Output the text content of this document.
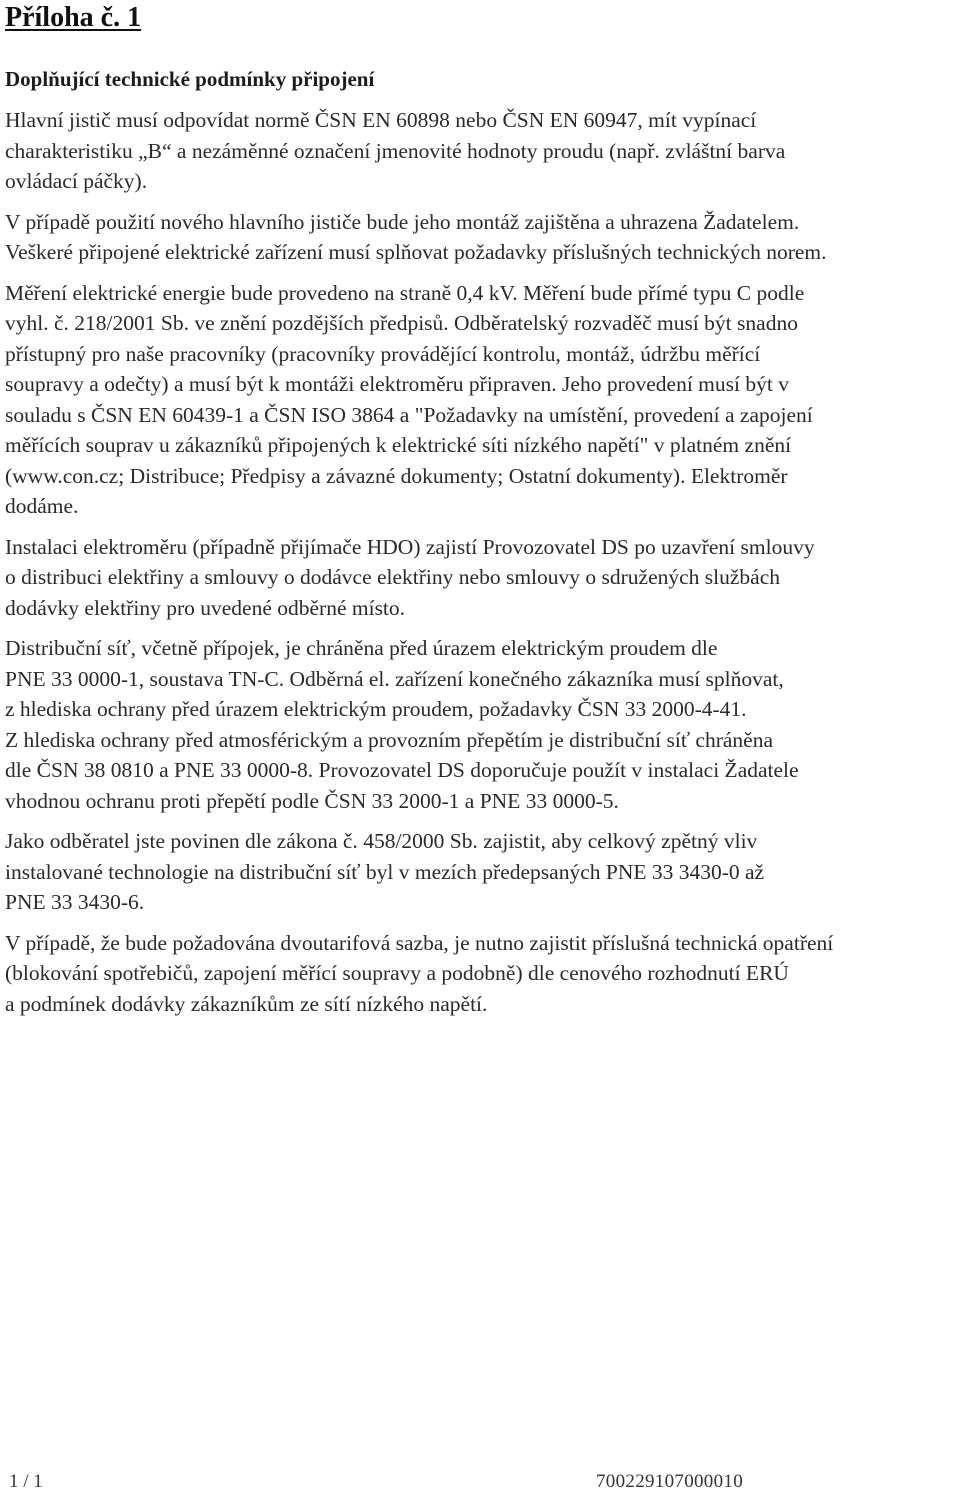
Příloha č. 1
Doplňující technické podmínky připojení

Hlavní jistič musí odpovídat normě ČSN EN 60898 nebo ČSN EN 60947, mít vypínací
charakteristiku „B“ a nezáměnné označení jmenovité hodnoty proudu (např. zvláštní barva
ovládací páčky).

V případě použití nového hlavního jističe bude jeho montáž zajištěna a uhrazena Žadatelem.
Veškeré připojené elektrické zařízení musí splňovat požadavky příslušných technických norem.

Měření elektrické energie bude provedeno na straně 0,4 kV. Měření bude přímé typu C podle
vyhl. č. 218/2001 Sb. ve znění pozdějších předpisů. Odběratelský rozvaděč musí být snadno
přístupný pro naše pracovníky (pracovníky provádějící kontrolu, montáž, údržbu měřící
soupravy a odečty) a musí být k montáži elektroměru připraven. Jeho provedení musí být v
souladu s ČSN EN 60439-1 a ČSN ISO 3864 a "Požadavky na umístění, provedení a zapojení
měřících souprav u zákazníků připojených k elektrické síti nízkého napětí" v platném znění
(www.con.cz; Distribuce; Předpisy a závazné dokumenty; Ostatní dokumenty). Elektroměr
dodáme.

Instalaci elektroměru (případně přijímače HDO) zajistí Provozovatel DS po uzavření smlouvy
o distribuci elektřiny a smlouvy o dodávce elektřiny nebo smlouvy o sdružených službách
dodávky elektřiny pro uvedené odběrné místo.

Distribuční síť, včetně přípojek, je chráněna před úrazem elektrickým proudem dle
PNE 33 0000-1, soustava TN-C. Odběrná el. zařízení konečného zákazníka musí splňovat,
z hlediska ochrany před úrazem elektrickým proudem, požadavky ČSN 33 2000-4-41.
Z hlediska ochrany před atmosférickým a provozním přepětím je distribuční síť chráněna
dle ČSN 38 0810 a PNE 33 0000-8. Provozovatel DS doporučuje použít v instalaci Žadatele
vhodnou ochranu proti přepětí podle ČSN 33 2000-1 a PNE 33 0000-5.

Jako odběratel jste povinen dle zákona č. 458/2000 Sb. zajistit, aby celkový zpětný vliv
instalované technologie na distribuční síť byl v mezích předepsaných PNE 33 3430-0 až
PNE 33 3430-6.

V případě, že bude požadována dvoutarifová sazba, je nutno zajistit příslušná technická opatření
(blokování spotřebičů, zapojení měřící soupravy a podobně) dle cenového rozhodnutí ERÚ
a podmínek dodávky zákazníkům ze sítí nízkého napětí.

1 / 1	700229107000010
